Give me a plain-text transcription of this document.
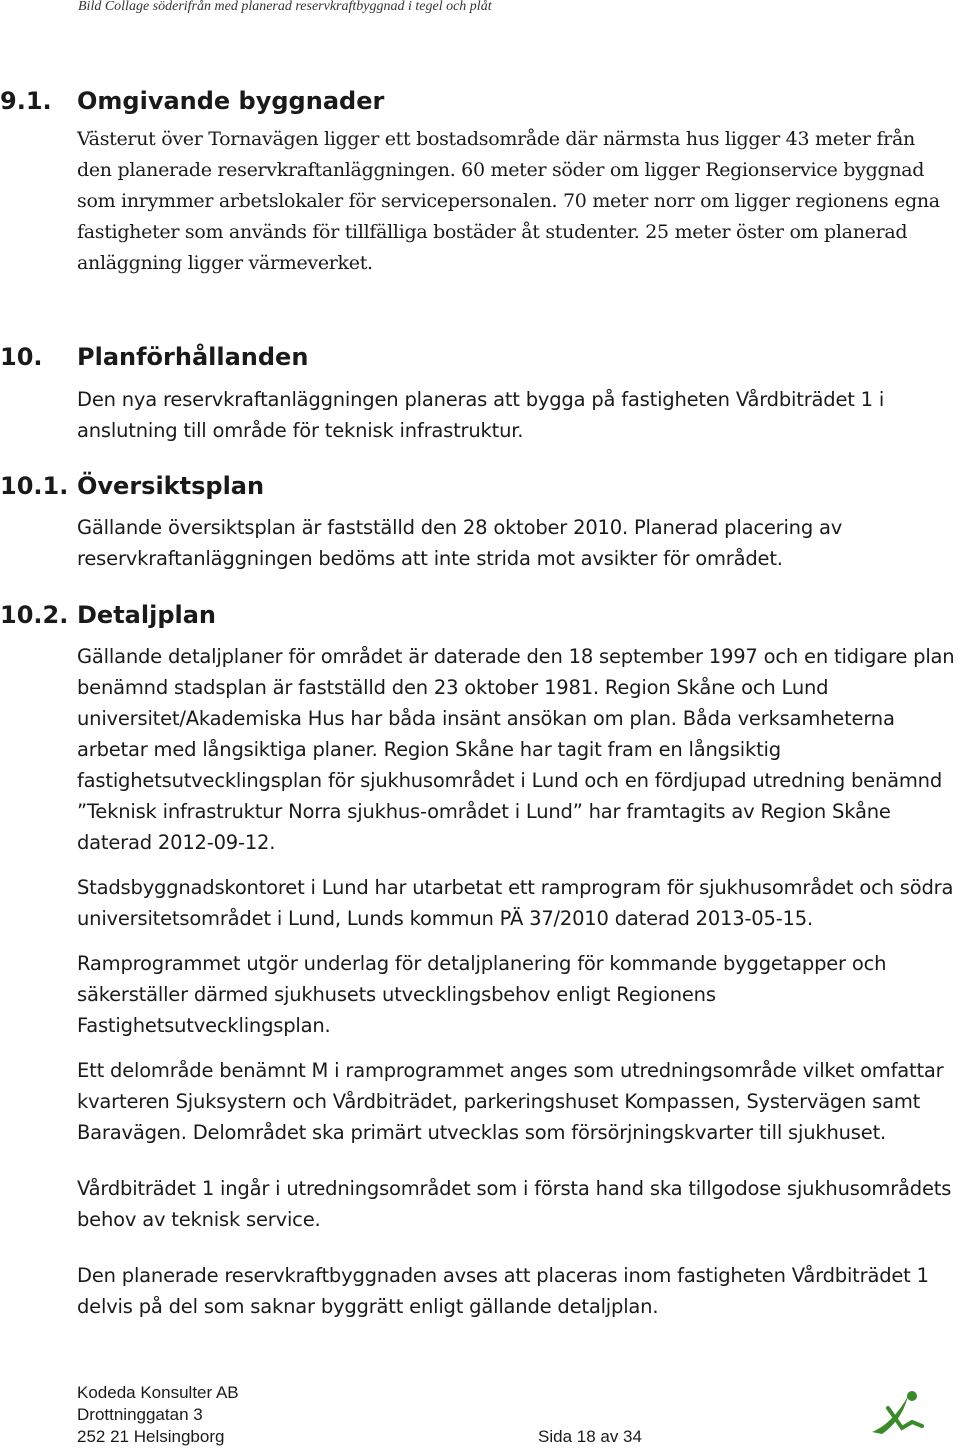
Bild Collage söderifrån med planerad reservkraftbyggnad i tegel och plåt
9.1. Omgivande byggnader

Västerut över Tornavägen ligger ett bostadsområde där närmsta hus ligger 43 meter från den planerade reservkraftanläggningen. 60 meter söder om ligger Regionservice byggnad som inrymmer arbetslokaler för servicepersonalen. 70 meter norr om ligger regionens egna fastigheter som används för tillfälliga bostäder åt studenter. 25 meter öster om planerad anläggning ligger värmeverket.

10. Planförhållanden

Den nya reservkraftanläggningen planeras att bygga på fastigheten Vårdbiträdet 1 i anslutning till område för teknisk infrastruktur.

10.1. Översiktsplan

Gällande översiktsplan är fastställd den 28 oktober 2010. Planerad placering av reservkraftanläggningen bedöms att inte strida mot avsikter för området.

10.2. Detaljplan

Gällande detaljplaner för området är daterade den 18 september 1997 och en tidigare plan benämnd stadsplan är fastställd den 23 oktober 1981. Region Skåne och Lund universitet/Akademiska Hus har båda insänt ansökan om plan. Båda verksamheterna arbetar med långsiktiga planer. Region Skåne har tagit fram en långsiktig fastighetsutvecklingsplan för sjukhusområdet i Lund och en fördjupad utredning benämnd ”Teknisk infrastruktur Norra sjukhus-området i Lund” har framtagits av Region Skåne daterad 2012-09-12.

Stadsbyggnadskontoret i Lund har utarbetat ett ramprogram för sjukhusområdet och södra universitetsområdet i Lund, Lunds kommun PÄ 37/2010 daterad 2013-05-15.

Ramprogrammet utgör underlag för detaljplanering för kommande byggetapper och säkerställer därmed sjukhusets utvecklingsbehov enligt Regionens Fastighetsutvecklingsplan.

Ett delområde benämnt M i ramprogrammet anges som utredningsområde vilket omfattar kvarteren Sjuksystern och Vårdbiträdet, parkeringshuset Kompassen, Systervägen samt Baravägen. Delområdet ska primärt utvecklas som försörjningskvarter till sjukhuset.

Vårdbiträdet 1 ingår i utredningsområdet som i första hand ska tillgodose sjukhusområdets behov av teknisk service.

Den planerade reservkraftbyggnaden avses att placeras inom fastigheten Vårdbiträdet 1 delvis på del som saknar byggrätt enligt gällande detaljplan.

Kodeda Konsulter AB
Drottninggatan 3
252 21 Helsingborg	Sida 18 av 34
